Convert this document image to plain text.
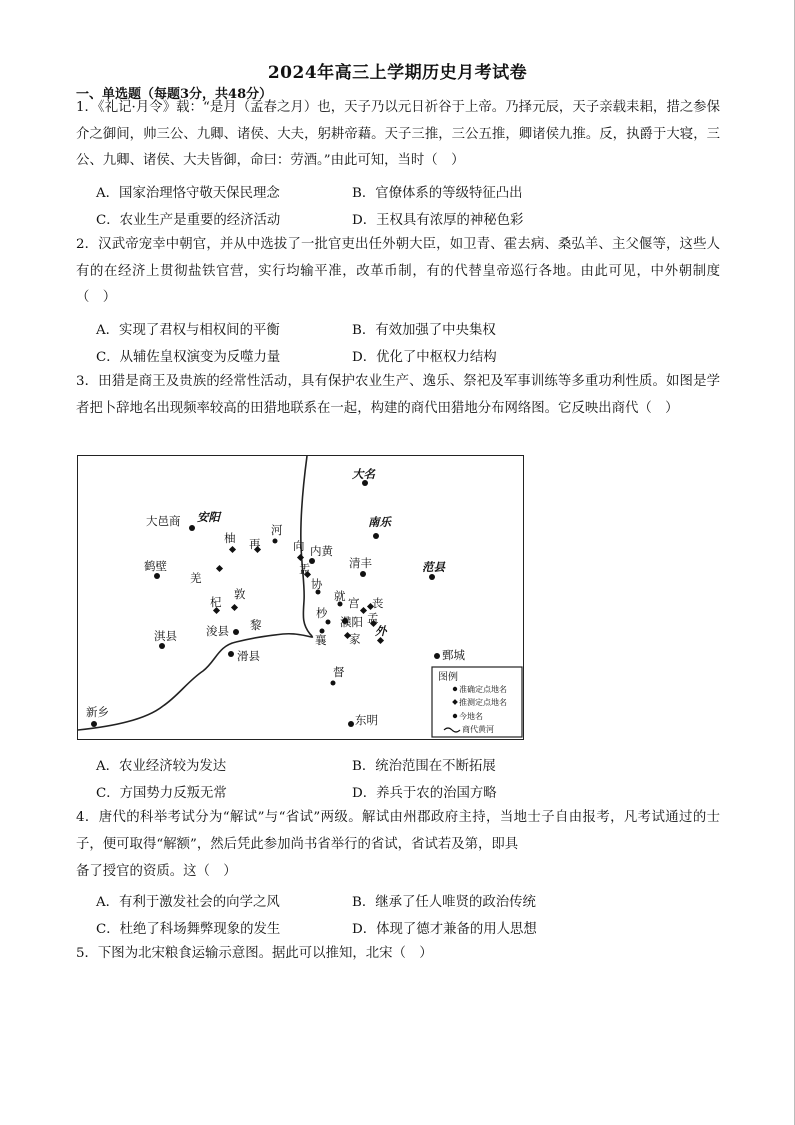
2024年高三上学期历史月考试卷
一、单选题（每题3分，共48分）
1．《礼记·月令》载：“是月（孟春之月）也，天子乃以元日祈谷于上帝。乃择元辰，天子亲载耒耜，措之参保介之御间，帅三公、九卿、诸侯、大夫，躬耕帝藉。天子三推，三公五推，卿诸侯九推。反，执爵于大寝，三公、九卿、诸侯、大夫皆御，命曰：劳酒。”由此可知，当时（　）
A．国家治理恪守敬天保民理念	B．官僚体系的等级特征凸出
C．农业生产是重要的经济活动	D．王权具有浓厚的神秘色彩
2．汉武帝宠幸中朝官，并从中选拔了一批官吏出任外朝大臣，如卫青、霍去病、桑弘羊、主父偃等，这些人有的在经济上贯彻盐铁官营，实行均输平准，改革币制，有的代替皇帝巡行各地。由此可见，中外朝制度（　）
A．实现了君权与相权间的平衡	B．有效加强了中央集权
C．从辅佐皇权演变为反噬力量	D．优化了中枢权力结构
3．田猎是商王及贵族的经常性活动，具有保护农业生产、逸乐、祭祀及军事训练等多重功利性质。如图是学者把卜辞地名出现频率较高的田猎地联系在一起，构建的商代田猎地分布网络图。它反映出商代（　）
大名
大邑商 安阳
河
柚 再	向 内黄
南乐
鹤壁	清丰	范县
羌
盂
协
敦
杞	就 宫 丧
杪
濮阳 孟
淇县	浚县 黎
襄 家
外
滑县	鄄城
督
新乡
东明
图例
准确定点地名
推测定点地名
今地名
商代黄河
A．农业经济较为发达	B．统治范围在不断拓展
C．方国势力反叛无常	D．养兵于农的治国方略
4．唐代的科举考试分为“解试”与“省试”两级。解试由州郡政府主持，当地士子自由报考，凡考试通过的士子，便可取得“解额”，然后凭此参加尚书省举行的省试，省试若及第，即具
备了授官的资质。这（　）
A．有利于激发社会的向学之风	B．继承了任人唯贤的政治传统
C．杜绝了科场舞弊现象的发生	D．体现了德才兼备的用人思想
5．下图为北宋粮食运输示意图。据此可以推知，北宋（　）
